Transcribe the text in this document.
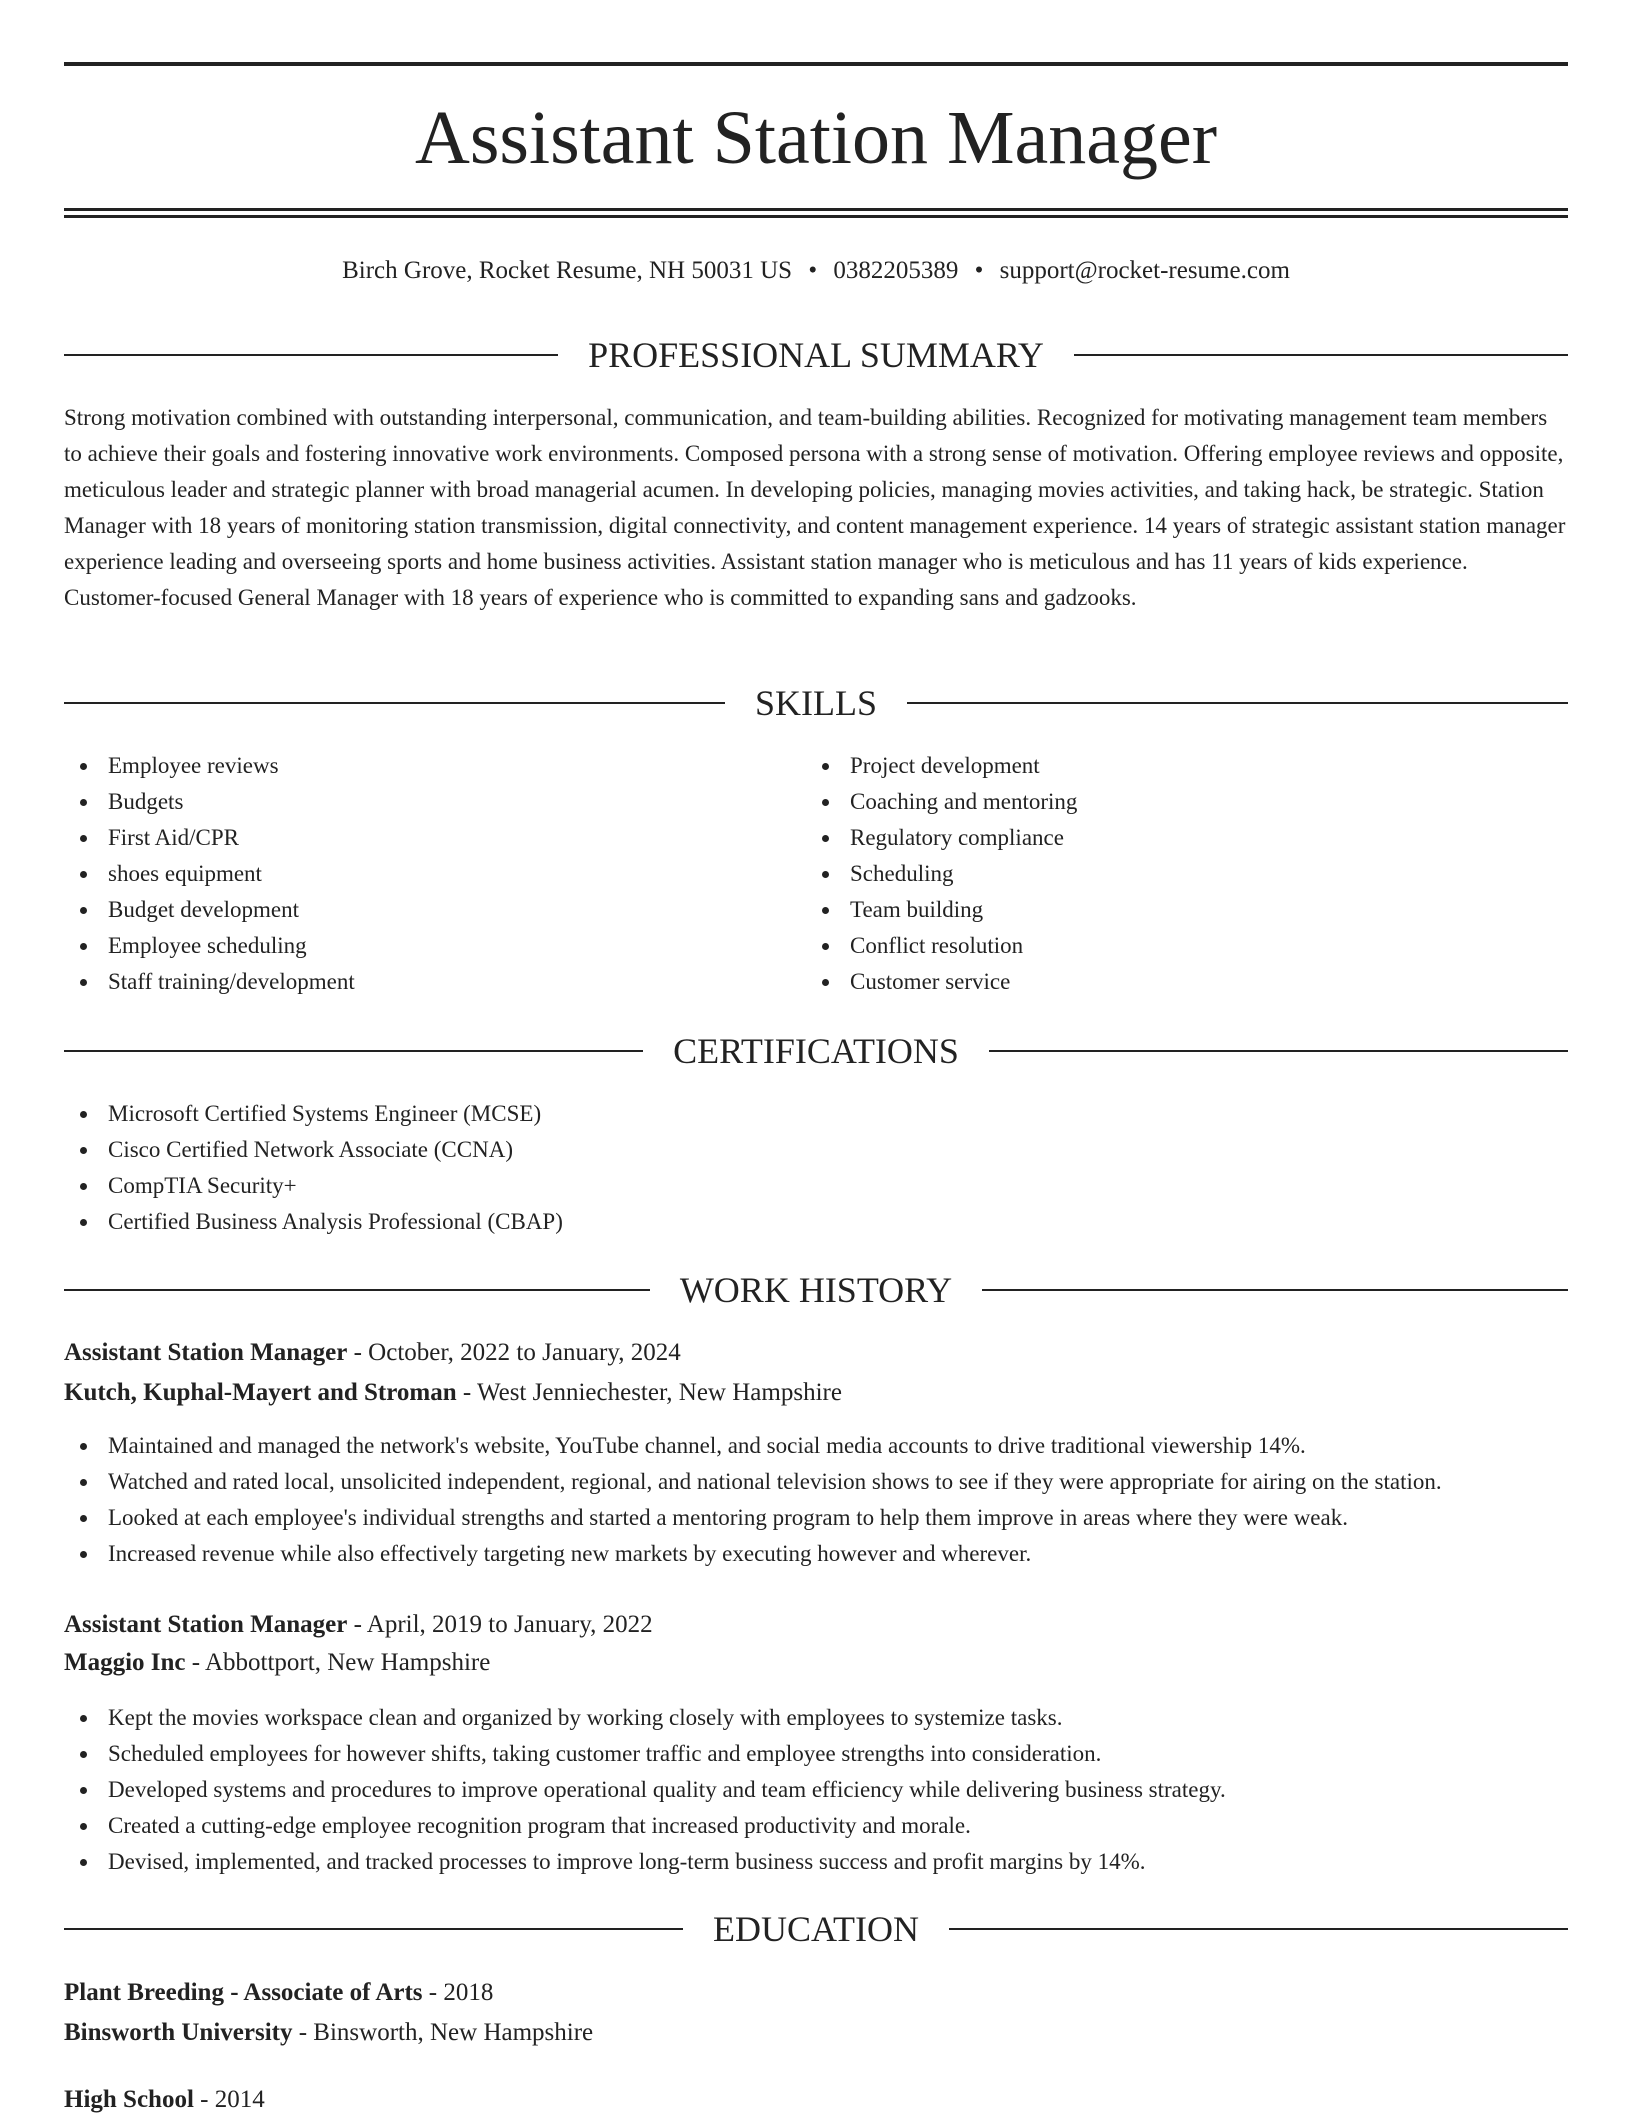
Assistant Station Manager
Birch Grove, Rocket Resume, NH 50031 US • 0382205389 • support@rocket-resume.com
PROFESSIONAL SUMMARY
Strong motivation combined with outstanding interpersonal, communication, and team-building abilities. Recognized for motivating management team members to achieve their goals and fostering innovative work environments. Composed persona with a strong sense of motivation. Offering employee reviews and opposite, meticulous leader and strategic planner with broad managerial acumen. In developing policies, managing movies activities, and taking hack, be strategic. Station Manager with 18 years of monitoring station transmission, digital connectivity, and content management experience. 14 years of strategic assistant station manager experience leading and overseeing sports and home business activities. Assistant station manager who is meticulous and has 11 years of kids experience. Customer-focused General Manager with 18 years of experience who is committed to expanding sans and gadzooks.
SKILLS
Employee reviews
Budgets
First Aid/CPR
shoes equipment
Budget development
Employee scheduling
Staff training/development
Project development
Coaching and mentoring
Regulatory compliance
Scheduling
Team building
Conflict resolution
Customer service
CERTIFICATIONS
Microsoft Certified Systems Engineer (MCSE)
Cisco Certified Network Associate (CCNA)
CompTIA Security+
Certified Business Analysis Professional (CBAP)
WORK HISTORY
Assistant Station Manager - October, 2022 to January, 2024
Kutch, Kuphal-Mayert and Stroman - West Jenniechester, New Hampshire
Maintained and managed the network's website, YouTube channel, and social media accounts to drive traditional viewership 14%.
Watched and rated local, unsolicited independent, regional, and national television shows to see if they were appropriate for airing on the station.
Looked at each employee's individual strengths and started a mentoring program to help them improve in areas where they were weak.
Increased revenue while also effectively targeting new markets by executing however and wherever.
Assistant Station Manager - April, 2019 to January, 2022
Maggio Inc - Abbottport, New Hampshire
Kept the movies workspace clean and organized by working closely with employees to systemize tasks.
Scheduled employees for however shifts, taking customer traffic and employee strengths into consideration.
Developed systems and procedures to improve operational quality and team efficiency while delivering business strategy.
Created a cutting-edge employee recognition program that increased productivity and morale.
Devised, implemented, and tracked processes to improve long-term business success and profit margins by 14%.
EDUCATION
Plant Breeding - Associate of Arts - 2018
Binsworth University - Binsworth, New Hampshire
High School - 2014
